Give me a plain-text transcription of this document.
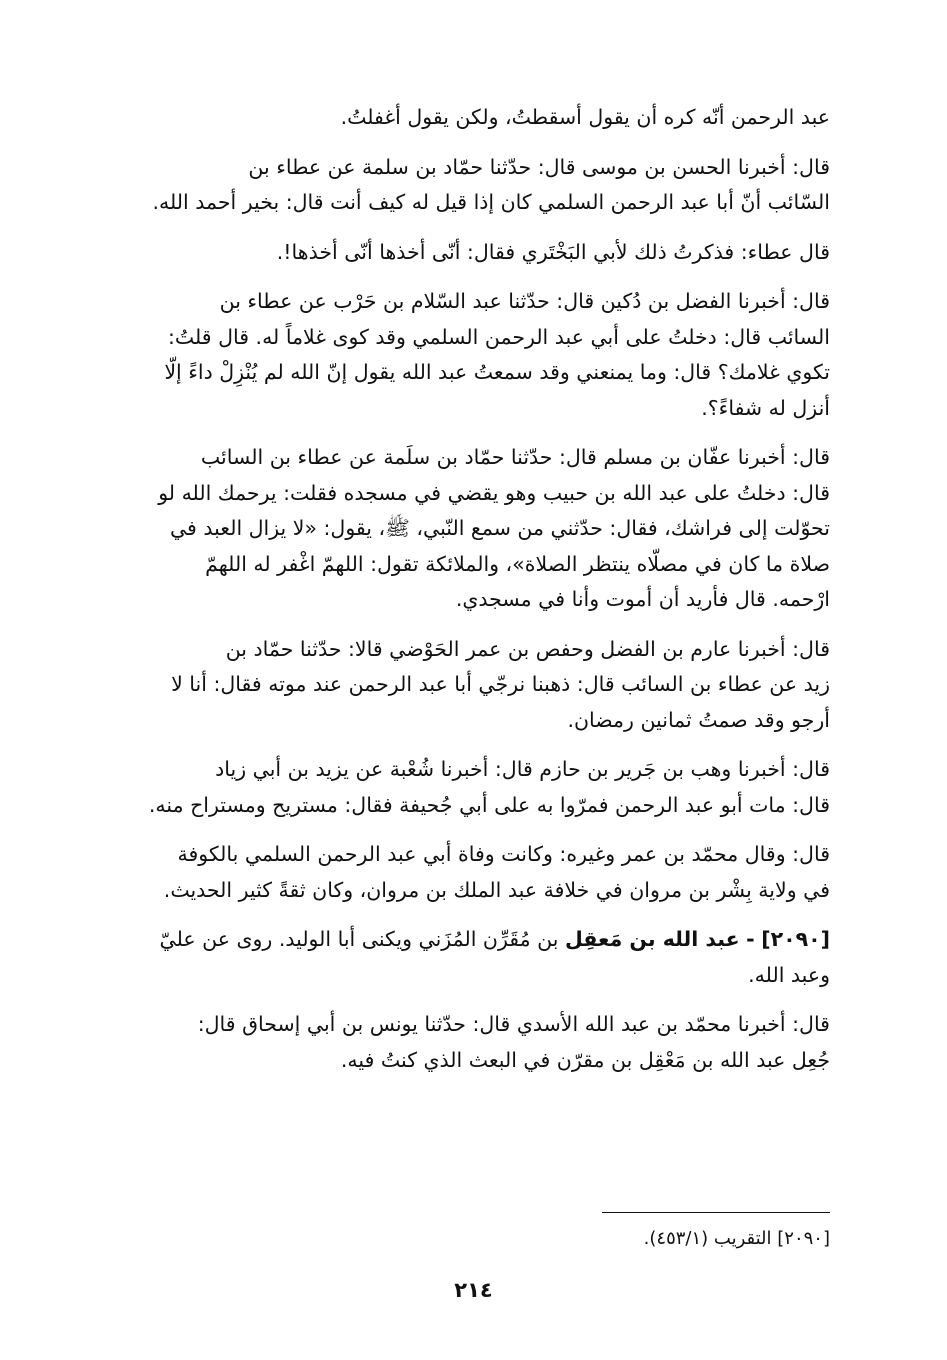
عبد الرحمن أنّه كره أن يقول أسقطتُ، ولكن يقول أغفلتُ.

قال: أخبرنا الحسن بن موسى قال: حدّثنا حمّاد بن سلمة عن عطاء بن
السّائب أنّ أبا عبد الرحمن السلمي كان إذا قيل له كيف أنت قال: بخير أحمد الله.

قال عطاء: فذكرتُ ذلك لأبي البَخْتَري فقال: أنّى أخذها أنّى أخذها!.

قال: أخبرنا الفضل بن دُكين قال: حدّثنا عبد السّلام بن حَرْب عن عطاء بن
السائب قال: دخلتُ على أبي عبد الرحمن السلمي وقد كوى غلاماً له. قال قلتُ:
تكوي غلامك؟ قال: وما يمنعني وقد سمعتُ عبد الله يقول إنّ الله لم يُنْزِلْ داءً إلّا
أنزل له شفاءً؟.

قال: أخبرنا عفّان بن مسلم قال: حدّثنا حمّاد بن سلَمة عن عطاء بن السائب
قال: دخلتُ على عبد الله بن حبيب وهو يقضي في مسجده فقلت: يرحمك الله لو
تحوّلت إلى فراشك، فقال: حدّثني من سمع النّبي، ﷺ، يقول: «لا يزال العبد في
صلاة ما كان في مصلّاه ينتظر الصلاة»، والملائكة تقول: اللهمّ اغْفر له اللهمّ
ارْحمه. قال فأريد أن أموت وأنا في مسجدي.

قال: أخبرنا عارم بن الفضل وحفص بن عمر الحَوْضي قالا: حدّثنا حمّاد بن
زيد عن عطاء بن السائب قال: ذهبنا نرجّي أبا عبد الرحمن عند موته فقال: أنا لا
أرجو وقد صمتُ ثمانين رمضان.

قال: أخبرنا وهب بن جَرير بن حازم قال: أخبرنا شُعْبة عن يزيد بن أبي زياد
قال: مات أبو عبد الرحمن فمرّوا به على أبي جُحيفة فقال: مستريح ومستراح منه.

قال: وقال محمّد بن عمر وغيره: وكانت وفاة أبي عبد الرحمن السلمي بالكوفة
في ولاية بِشْر بن مروان في خلافة عبد الملك بن مروان، وكان ثقةً كثير الحديث.

[٢٠٩٠] - عبد الله بن مَعقِل بن مُقَرِّن المُزَني ويكنى أبا الوليد. روى عن عليّ
وعبد الله.

قال: أخبرنا محمّد بن عبد الله الأسدي قال: حدّثنا يونس بن أبي إسحاق قال:
جُعِل عبد الله بن مَعْقِل بن مقرّن في البعث الذي كنتُ فيه.

[٢٠٩٠] التقريب (٤٥٣/١).
٢١٤
